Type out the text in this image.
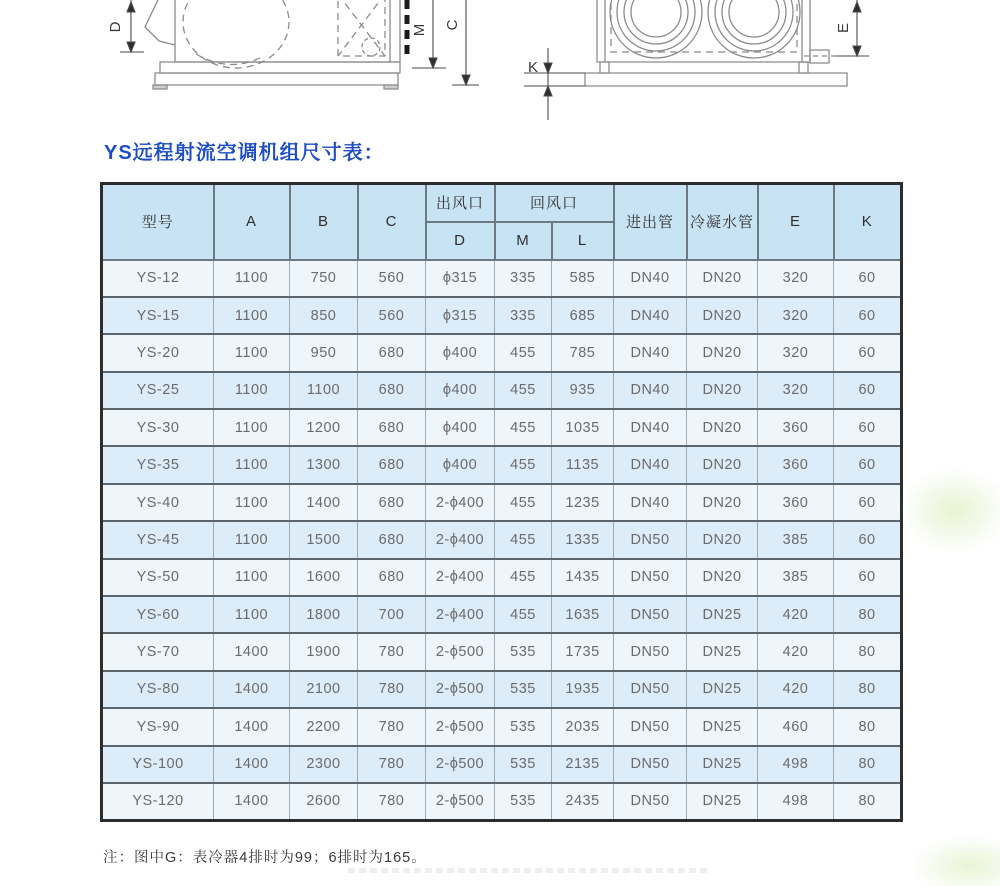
D	M C	E
K
YS远程射流空调机组尺寸表：
型号	A	B	C	出风口	回风口		进出管	冷凝水管	E	K
				D	M	L				
YS-12	1100	750	560	ϕ315	335	585	DN40	DN20	320	60
YS-15	1100	850	560	ϕ315	335	685	DN40	DN20	320	60
YS-20	1100	950	680	ϕ400	455	785	DN40	DN20	320	60
YS-25	1100	1100	680	ϕ400	455	935	DN40	DN20	320	60
YS-30	1100	1200	680	ϕ400	455	1035	DN40	DN20	360	60
YS-35	1100	1300	680	ϕ400	455	1135	DN40	DN20	360	60
YS-40	1100	1400	680	2-ϕ400	455	1235	DN40	DN20	360	60
YS-45	1100	1500	680	2-ϕ400	455	1335	DN50	DN20	385	60
YS-50	1100	1600	680	2-ϕ400	455	1435	DN50	DN20	385	60
YS-60	1100	1800	700	2-ϕ400	455	1635	DN50	DN25	420	80
YS-70	1400	1900	780	2-ϕ500	535	1735	DN50	DN25	420	80
YS-80	1400	2100	780	2-ϕ500	535	1935	DN50	DN25	420	80
YS-90	1400	2200	780	2-ϕ500	535	2035	DN50	DN25	460	80
YS-100	1400	2300	780	2-ϕ500	535	2135	DN50	DN25	498	80
YS-120	1400	2600	780	2-ϕ500	535	2435	DN50	DN25	498	80
注：图中G：表冷器4排时为99；6排时为165。
